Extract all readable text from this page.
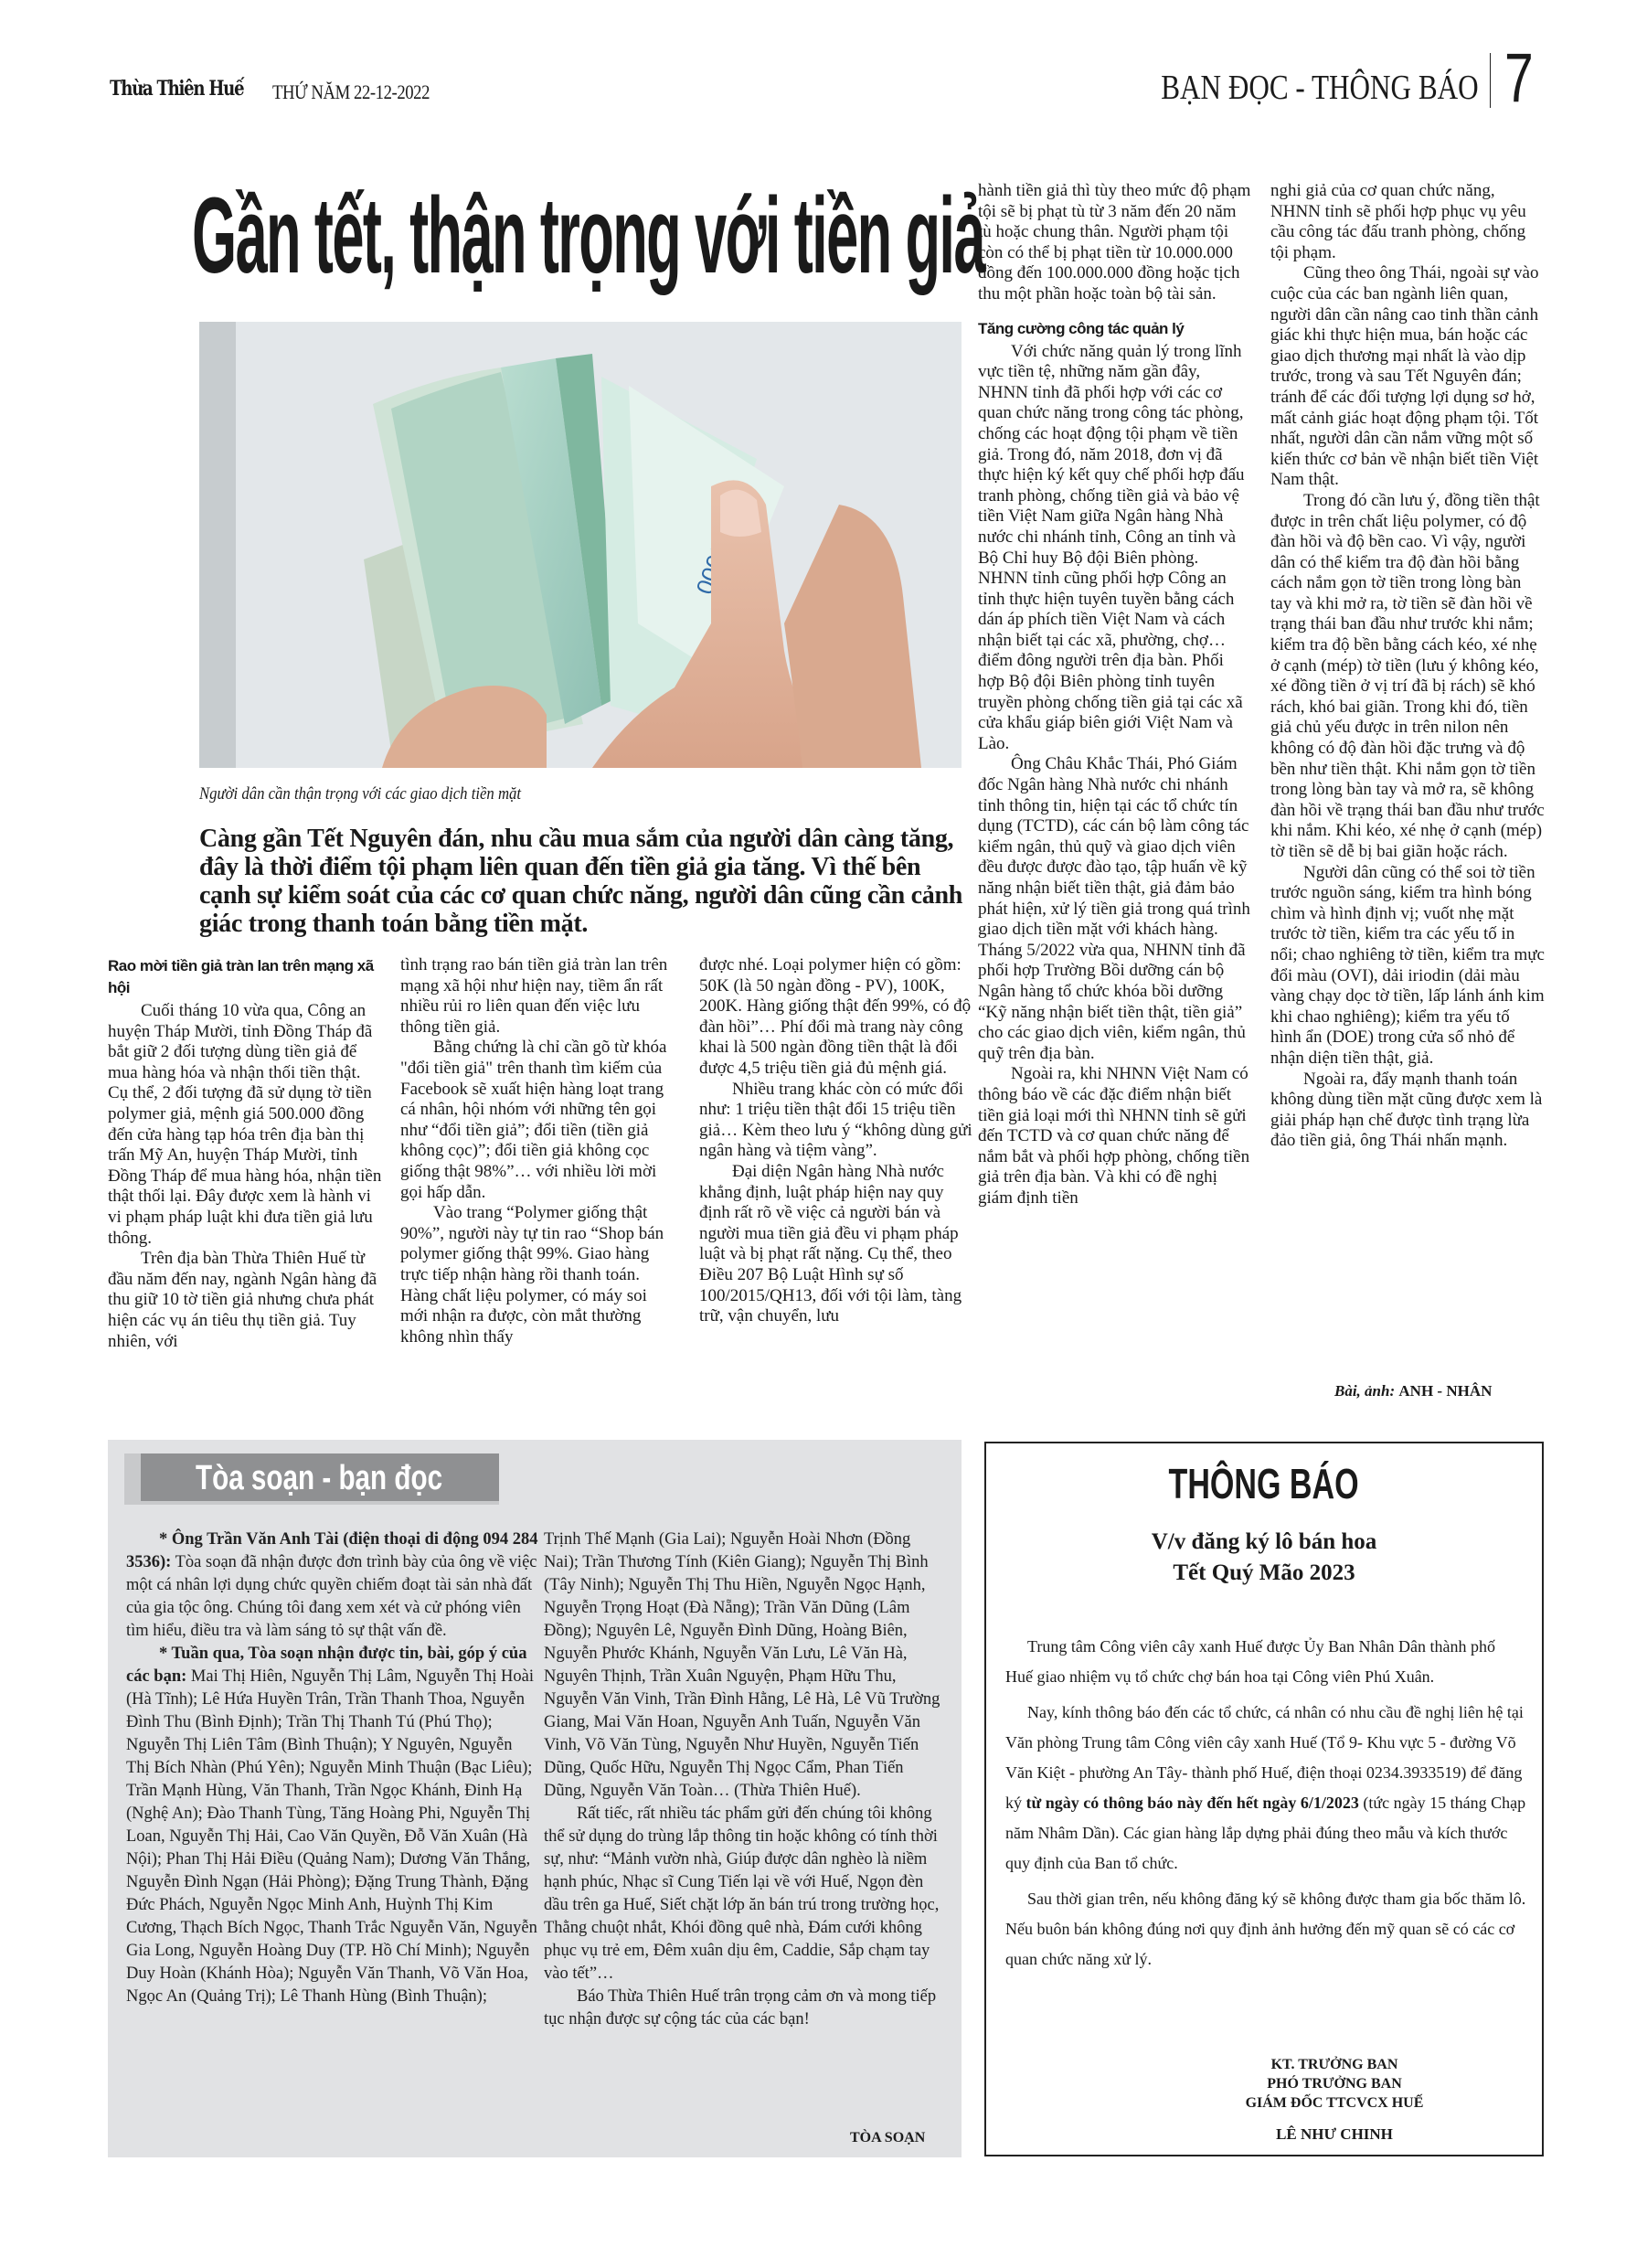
Thừa Thiên Huế THỨ NĂM 22-12-2022	BẠN ĐỌC - THÔNG BÁO 7
Gần tết, thận trọng với tiền giả
Người dân cần thận trọng với các giao dịch tiền mặt
Càng gần Tết Nguyên đán, nhu cầu mua sắm của người dân càng tăng, đây là thời điểm tội phạm liên quan đến tiền giả gia tăng. Vì thế bên cạnh sự kiểm soát của các cơ quan chức năng, người dân cũng cần cảnh giác trong thanh toán bằng tiền mặt.
Rao mời tiền giả tràn lan trên mạng xã hội

Cuối tháng 10 vừa qua, Công an huyện Tháp Mười, tỉnh Đồng Tháp đã bắt giữ 2 đối tượng dùng tiền giả để mua hàng hóa và nhận thối tiền thật. Cụ thể, 2 đối tượng đã sử dụng tờ tiền polymer giả, mệnh giá 500.000 đồng đến cửa hàng tạp hóa trên địa bàn thị trấn Mỹ An, huyện Tháp Mười, tỉnh Đồng Tháp để mua hàng hóa, nhận tiền thật thối lại. Đây được xem là hành vi vi phạm pháp luật khi đưa tiền giả lưu thông.

Trên địa bàn Thừa Thiên Huế từ đầu năm đến nay, ngành Ngân hàng đã thu giữ 10 tờ tiền giả nhưng chưa phát hiện các vụ án tiêu thụ tiền giả. Tuy nhiên, với

tình trạng rao bán tiền giả tràn lan trên mạng xã hội như hiện nay, tiềm ẩn rất nhiều rủi ro liên quan đến việc lưu thông tiền giả.

Bằng chứng là chỉ cần gõ từ khóa "đổi tiền giả" trên thanh tìm kiếm của Facebook sẽ xuất hiện hàng loạt trang cá nhân, hội nhóm với những tên gọi như “đổi tiền giả”; đổi tiền (tiền giả không cọc)”; đổi tiền giả không cọc giống thật 98%”… với nhiều lời mời gọi hấp dẫn.

Vào trang “Polymer giống thật 90%”, người này tự tin rao “Shop bán polymer giống thật 99%. Giao hàng trực tiếp nhận hàng rồi thanh toán. Hàng chất liệu polymer, có máy soi mới nhận ra được, còn mắt thường không nhìn thấy

được nhé. Loại polymer hiện có gồm: 50K (là 50 ngàn đồng - PV), 100K, 200K. Hàng giống thật đến 99%, có độ đàn hồi”… Phí đổi mà trang này công khai là 500 ngàn đồng tiền thật là đổi được 4,5 triệu tiền giả đủ mệnh giá.

Nhiều trang khác còn có mức đổi như: 1 triệu tiền thật đổi 15 triệu tiền giả… Kèm theo lưu ý “không dùng gửi ngân hàng và tiệm vàng”.

Đại diện Ngân hàng Nhà nước khẳng định, luật pháp hiện nay quy định rất rõ về việc cả người bán và người mua tiền giả đều vi phạm pháp luật và bị phạt rất nặng. Cụ thể, theo Điều 207 Bộ Luật Hình sự số 100/2015/QH13, đối với tội làm, tàng trữ, vận chuyển, lưu

hành tiền giả thì tùy theo mức độ phạm tội sẽ bị phạt tù từ 3 năm đến 20 năm tù hoặc chung thân. Người phạm tội còn có thể bị phạt tiền từ 10.000.000 đồng đến 100.000.000 đồng hoặc tịch thu một phần hoặc toàn bộ tài sản.

Tăng cường công tác quản lý

Với chức năng quản lý trong lĩnh vực tiền tệ, những năm gần đây, NHNN tỉnh đã phối hợp với các cơ quan chức năng trong công tác phòng, chống các hoạt động tội phạm về tiền giả. Trong đó, năm 2018, đơn vị đã thực hiện ký kết quy chế phối hợp đấu tranh phòng, chống tiền giả và bảo vệ tiền Việt Nam giữa Ngân hàng Nhà nước chi nhánh tỉnh, Công an tỉnh và Bộ Chỉ huy Bộ đội Biên phòng. NHNN tỉnh cũng phối hợp Công an tỉnh thực hiện tuyên tuyền bằng cách dán áp phích tiền Việt Nam và cách nhận biết tại các xã, phường, chợ… điểm đông người trên địa bàn. Phối hợp Bộ đội Biên phòng tỉnh tuyên truyền phòng chống tiền giả tại các xã cửa khẩu giáp biên giới Việt Nam và Lào.

Ông Châu Khắc Thái, Phó Giám đốc Ngân hàng Nhà nước chi nhánh tỉnh thông tin, hiện tại các tổ chức tín dụng (TCTD), các cán bộ làm công tác kiểm ngân, thủ quỹ và giao dịch viên đều được được đào tạo, tập huấn về kỹ năng nhận biết tiền thật, giả đảm bảo phát hiện, xử lý tiền giả trong quá trình giao dịch tiền mặt với khách hàng. Tháng 5/2022 vừa qua, NHNN tỉnh đã phối hợp Trường Bồi dưỡng cán bộ Ngân hàng tổ chức khóa bồi dưỡng “Kỹ năng nhận biết tiền thật, tiền giả” cho các giao dịch viên, kiểm ngân, thủ quỹ trên địa bàn.

Ngoài ra, khi NHNN Việt Nam có thông báo về các đặc điểm nhận biết tiền giả loại mới thì NHNN tỉnh sẽ gửi đến TCTD và cơ quan chức năng để nắm bắt và phối hợp phòng, chống tiền giả trên địa bàn. Và khi có đề nghị giám định tiền

nghi giả của cơ quan chức năng, NHNN tỉnh sẽ phối hợp phục vụ yêu cầu công tác đấu tranh phòng, chống tội phạm.

Cũng theo ông Thái, ngoài sự vào cuộc của các ban ngành liên quan, người dân cần nâng cao tinh thần cảnh giác khi thực hiện mua, bán hoặc các giao dịch thương mại nhất là vào dịp trước, trong và sau Tết Nguyên đán; tránh để các đối tượng lợi dụng sơ hở, mất cảnh giác hoạt động phạm tội. Tốt nhất, người dân cần nắm vững một số kiến thức cơ bản về nhận biết tiền Việt Nam thật.

Trong đó cần lưu ý, đồng tiền thật được in trên chất liệu polymer, có độ đàn hồi và độ bền cao. Vì vậy, người dân có thể kiểm tra độ đàn hồi bằng cách nắm gọn tờ tiền trong lòng bàn tay và khi mở ra, tờ tiền sẽ đàn hồi về trạng thái ban đầu như trước khi nắm; kiểm tra độ bền bằng cách kéo, xé nhẹ ở cạnh (mép) tờ tiền (lưu ý không kéo, xé đồng tiền ở vị trí đã bị rách) sẽ khó rách, khó bai giãn. Trong khi đó, tiền giả chủ yếu được in trên nilon nên không có độ đàn hồi đặc trưng và độ bền như tiền thật. Khi nắm gọn tờ tiền trong lòng bàn tay và mở ra, sẽ không đàn hồi về trạng thái ban đầu như trước khi nắm. Khi kéo, xé nhẹ ở cạnh (mép) tờ tiền sẽ dễ bị bai giãn hoặc rách.

Người dân cũng có thể soi tờ tiền trước nguồn sáng, kiểm tra hình bóng chìm và hình định vị; vuốt nhẹ mặt trước tờ tiền, kiểm tra các yếu tố in nổi; chao nghiêng tờ tiền, kiểm tra mực đổi màu (OVI), dải iriodin (dải màu vàng chạy dọc tờ tiền, lấp lánh ánh kim khi chao nghiêng); kiểm tra yếu tố hình ẩn (DOE) trong cửa sổ nhỏ để nhận diện tiền thật, giả.

Ngoài ra, đẩy mạnh thanh toán không dùng tiền mặt cũng được xem là giải pháp hạn chế được tình trạng lừa đảo tiền giả, ông Thái nhấn mạnh.

Bài, ảnh: ANH - NHÂN
Tòa soạn - bạn đọc

* Ông Trần Văn Anh Tài (điện thoại di động 094 284 3536): Tòa soạn đã nhận được đơn trình bày của ông về việc một cá nhân lợi dụng chức quyền chiếm đoạt tài sản nhà đất của gia tộc ông. Chúng tôi đang xem xét và cử phóng viên tìm hiểu, điều tra và làm sáng tỏ sự thật vấn đề.

* Tuần qua, Tòa soạn nhận được tin, bài, góp ý của các bạn: Mai Thị Hiên, Nguyễn Thị Lâm, Nguyễn Thị Hoài (Hà Tĩnh); Lê Hứa Huyền Trân, Trần Thanh Thoa, Nguyễn Đình Thu (Bình Định); Trần Thị Thanh Tú (Phú Thọ); Nguyễn Thị Liên Tâm (Bình Thuận); Y Nguyên, Nguyễn Thị Bích Nhàn (Phú Yên); Nguyễn Minh Thuận (Bạc Liêu); Trần Mạnh Hùng, Văn Thanh, Trần Ngọc Khánh, Đinh Hạ (Nghệ An); Đào Thanh Tùng, Tăng Hoàng Phi, Nguyễn Thị Loan, Nguyễn Thị Hải, Cao Văn Quyền, Đỗ Văn Xuân (Hà Nội); Phan Thị Hải Điều (Quảng Nam); Dương Văn Thắng, Nguyễn Đình Ngạn (Hải Phòng); Đặng Trung Thành, Đặng Đức Phách, Nguyễn Ngọc Minh Anh, Huỳnh Thị Kim Cương, Thạch Bích Ngọc, Thanh Trắc Nguyễn Văn, Nguyễn Gia Long, Nguyễn Hoàng Duy (TP. Hồ Chí Minh); Nguyễn Duy Hoàn (Khánh Hòa); Nguyễn Văn Thanh, Võ Văn Hoa, Ngọc An (Quảng Trị); Lê Thanh Hùng (Bình Thuận);

Trịnh Thế Mạnh (Gia Lai); Nguyễn Hoài Nhơn (Đồng Nai); Trần Thương Tính (Kiên Giang); Nguyễn Thị Bình (Tây Ninh); Nguyễn Thị Thu Hiền, Nguyễn Ngọc Hạnh, Nguyễn Trọng Hoạt (Đà Nẵng); Trần Văn Dũng (Lâm Đồng); Nguyên Lê, Nguyễn Đình Dũng, Hoàng Biên, Nguyễn Phước Khánh, Nguyễn Văn Lưu, Lê Văn Hà, Nguyên Thịnh, Trần Xuân Nguyện, Phạm Hữu Thu, Nguyễn Văn Vinh, Trần Đình Hằng, Lê Hà, Lê Vũ Trường Giang, Mai Văn Hoan, Nguyễn Anh Tuấn, Nguyễn Văn Vinh, Võ Văn Tùng, Nguyễn Như Huyền, Nguyễn Tiến Dũng, Quốc Hữu, Nguyễn Thị Ngọc Cẩm, Phan Tiến Dũng, Nguyễn Văn Toàn… (Thừa Thiên Huế).

Rất tiếc, rất nhiều tác phẩm gửi đến chúng tôi không thể sử dụng do trùng lắp thông tin hoặc không có tính thời sự, như: “Mảnh vườn nhà, Giúp được dân nghèo là niềm hạnh phúc, Nhạc sĩ Cung Tiến lại về với Huế, Ngọn đèn dầu trên ga Huế, Siết chặt lớp ăn bán trú trong trường học, Thằng chuột nhắt, Khói đồng quê nhà, Đám cưới không phục vụ trẻ em, Đêm xuân dịu êm, Caddie, Sắp chạm tay vào tết”…

Báo Thừa Thiên Huế trân trọng cảm ơn và mong tiếp tục nhận được sự cộng tác của các bạn!

TÒA SOẠN
THÔNG BÁO
V/v đăng ký lô bán hoa
Tết Quý Mão 2023

Trung tâm Công viên cây xanh Huế được Ủy Ban Nhân Dân thành phố Huế giao nhiệm vụ tổ chức chợ bán hoa tại Công viên Phú Xuân.

Nay, kính thông báo đến các tổ chức, cá nhân có nhu cầu đề nghị liên hệ tại Văn phòng Trung tâm Công viên cây xanh Huế (Tổ 9- Khu vực 5 - đường Võ Văn Kiệt - phường An Tây- thành phố Huế, điện thoại 0234.3933519) để đăng ký từ ngày có thông báo này đến hết ngày 6/1/2023 (tức ngày 15 tháng Chạp năm Nhâm Dần). Các gian hàng lắp dựng phải đúng theo mẫu và kích thước quy định của Ban tổ chức.

Sau thời gian trên, nếu không đăng ký sẽ không được tham gia bốc thăm lô. Nếu buôn bán không đúng nơi quy định ảnh hưởng đến mỹ quan sẽ có các cơ quan chức năng xử lý.

KT. TRƯỞNG BAN
PHÓ TRƯỞNG BAN
GIÁM ĐỐC TTCVCX HUẾ
LÊ NHƯ CHINH
